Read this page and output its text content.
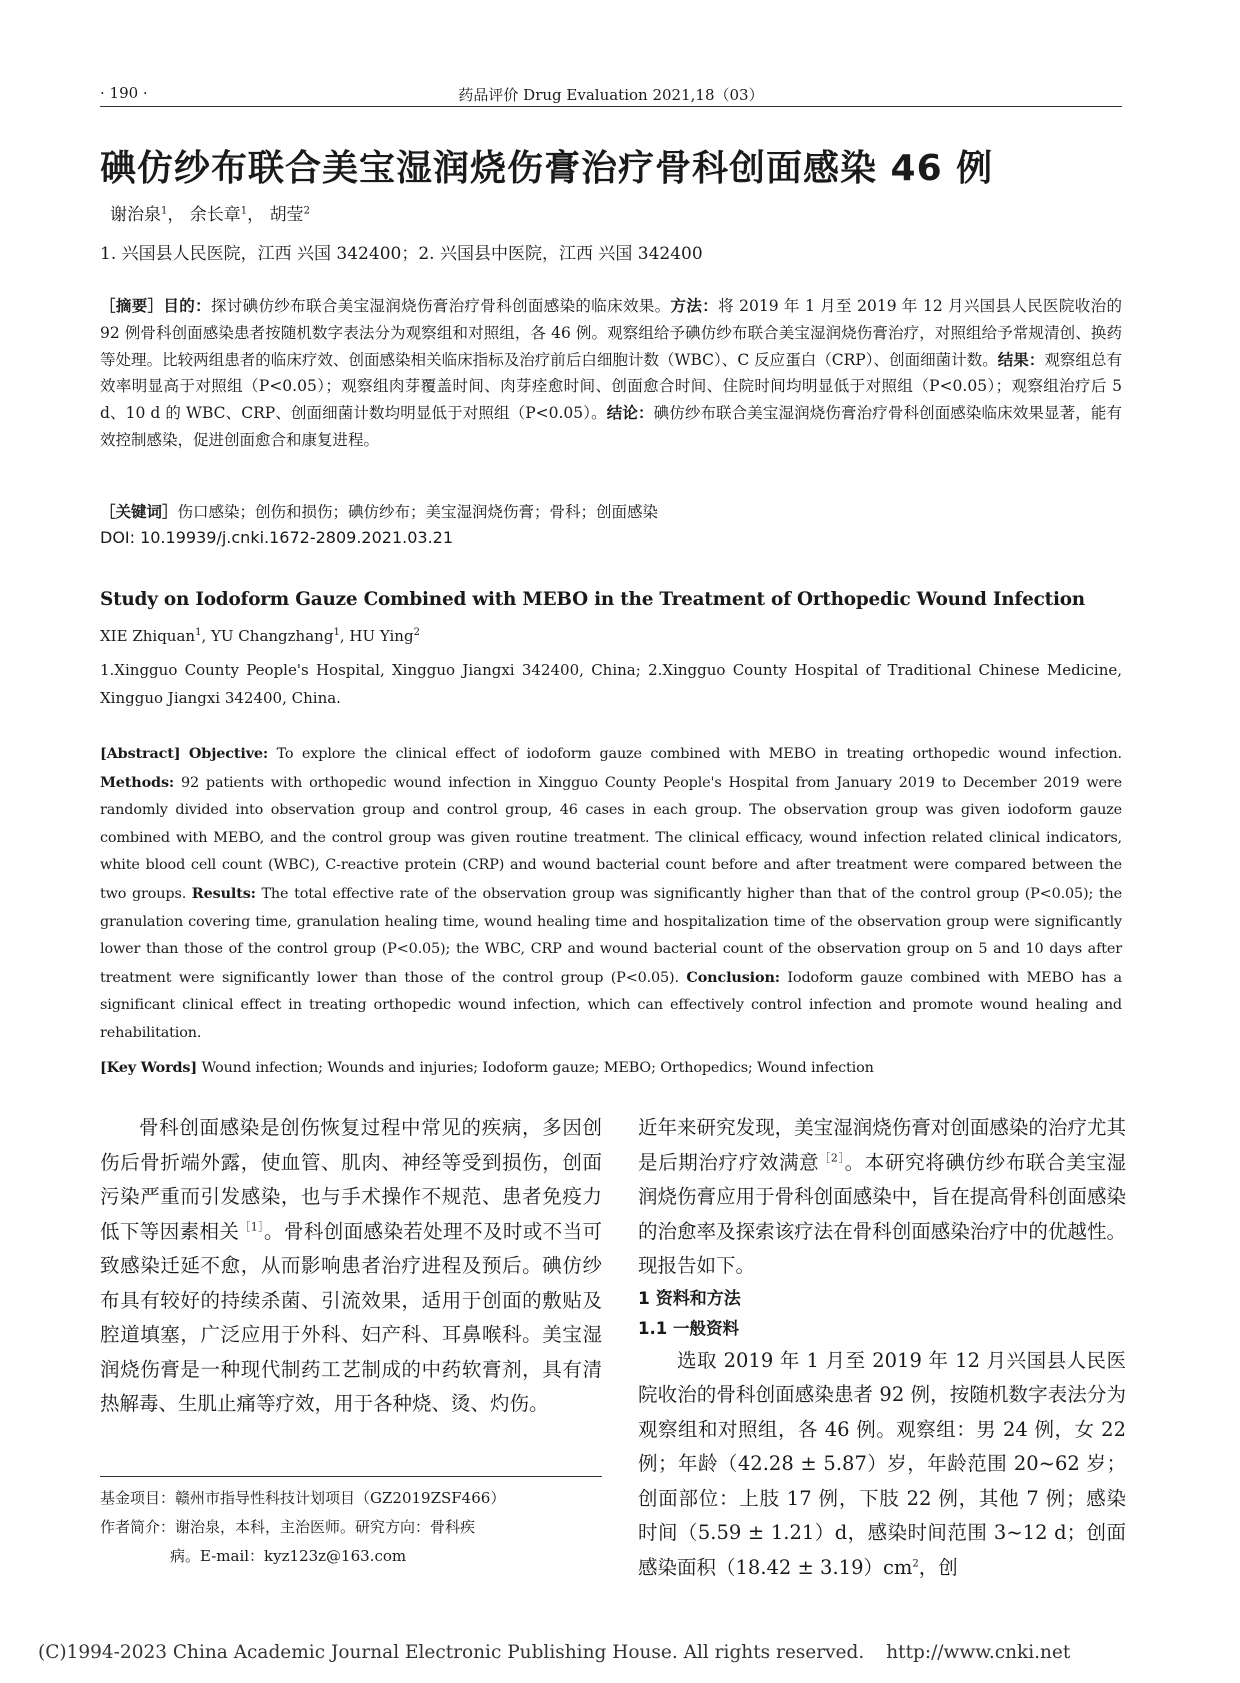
· 190 ·	药品评价 Drug Evaluation 2021,18（03）
碘仿纱布联合美宝湿润烧伤膏治疗骨科创面感染 46 例
谢治泉$^1$， 余长章$^1$， 胡莹$^2$
1. 兴国县人民医院，江西 兴国 342400；2. 兴国县中医院，江西 兴国 342400
［摘要］目的：探讨碘仿纱布联合美宝湿润烧伤膏治疗骨科创面感染的临床效果。方法：将 2019 年 1 月至 2019 年 12 月兴国县人民医院收治的 92 例骨科创面感染患者按随机数字表法分为观察组和对照组，各 46 例。观察组给予碘仿纱布联合美宝湿润烧伤膏治疗，对照组给予常规清创、换药等处理。比较两组患者的临床疗效、创面感染相关临床指标及治疗前后白细胞计数（WBC）、C 反应蛋白（CRP）、创面细菌计数。结果：观察组总有效率明显高于对照组（P<0.05）；观察组肉芽覆盖时间、肉芽痊愈时间、创面愈合时间、住院时间均明显低于对照组（P<0.05）；观察组治疗后 5 d、10 d 的 WBC、CRP、创面细菌计数均明显低于对照组（P<0.05）。结论：碘仿纱布联合美宝湿润烧伤膏治疗骨科创面感染临床效果显著，能有效控制感染，促进创面愈合和康复进程。
［关键词］伤口感染；创伤和损伤；碘仿纱布；美宝湿润烧伤膏；骨科；创面感染
DOI: 10.19939/j.cnki.1672-2809.2021.03.21
Study on Iodoform Gauze Combined with MEBO in the Treatment of Orthopedic Wound Infection
XIE Zhiquan$^1$, YU Changzhang$^1$, HU Ying$^2$
1.Xingguo County People's Hospital, Xingguo Jiangxi 342400, China; 2.Xingguo County Hospital of Traditional Chinese Medicine, Xingguo Jiangxi 342400, China.
[Abstract] Objective: To explore the clinical effect of iodoform gauze combined with MEBO in treating orthopedic wound infection. Methods: 92 patients with orthopedic wound infection in Xingguo County People's Hospital from January 2019 to December 2019 were randomly divided into observation group and control group, 46 cases in each group. The observation group was given iodoform gauze combined with MEBO, and the control group was given routine treatment. The clinical efficacy, wound infection related clinical indicators, white blood cell count (WBC), C-reactive protein (CRP) and wound bacterial count before and after treatment were compared between the two groups. Results: The total effective rate of the observation group was significantly higher than that of the control group (P<0.05); the granulation covering time, granulation healing time, wound healing time and hospitalization time of the observation group were significantly lower than those of the control group (P<0.05); the WBC, CRP and wound bacterial count of the observation group on 5 and 10 days after treatment were significantly lower than those of the control group (P<0.05). Conclusion: Iodoform gauze combined with MEBO has a significant clinical effect in treating orthopedic wound infection, which can effectively control infection and promote wound healing and rehabilitation.
[Key Words] Wound infection; Wounds and injuries; Iodoform gauze; MEBO; Orthopedics; Wound infection

骨科创面感染是创伤恢复过程中常见的疾病，多因创伤后骨折端外露，使血管、肌肉、神经等受到损伤，创面污染严重而引发感染，也与手术操作不规范、患者免疫力低下等因素相关$^{[1]}$。骨科创面感染若处理不及时或不当可致感染迁延不愈，从而影响患者治疗进程及预后。碘仿纱布具有较好的持续杀菌、引流效果，适用于创面的敷贴及腔道填塞，广泛应用于外科、妇产科、耳鼻喉科。美宝湿润烧伤膏是一种现代制药工艺制成的中药软膏剂，具有清热解毒、生肌止痛等疗效，用于各种烧、烫、灼伤。

基金项目：赣州市指导性科技计划项目（GZ2019ZSF466）

作者简介：谢治泉，本科，主治医师。研究方向：骨科疾

病。E-mail：kyz123z@163.com

近年来研究发现，美宝湿润烧伤膏对创面感染的治疗尤其是后期治疗疗效满意$^{[2]}$。本研究将碘仿纱布联合美宝湿润烧伤膏应用于骨科创面感染中，旨在提高骨科创面感染的治愈率及探索该疗法在骨科创面感染治疗中的优越性。现报告如下。

1 资料和方法

1.1 一般资料

选取 2019 年 1 月至 2019 年 12 月兴国县人民医院收治的骨科创面感染患者 92 例，按随机数字表法分为观察组和对照组，各 46 例。观察组：男 24 例，女 22 例；年龄（42.28 ± 5.87）岁，年龄范围 20~62 岁；创面部位：上肢 17 例，下肢 22 例，其他 7 例；感染时间（5.59 ± 1.21）d，感染时间范围 3~12 d；创面感染面积$(18.42 \pm 3.19)cm^2$，创

(C)1994-2023 China Academic Journal Electronic Publishing House. All rights reserved. http://www.cnki.net
